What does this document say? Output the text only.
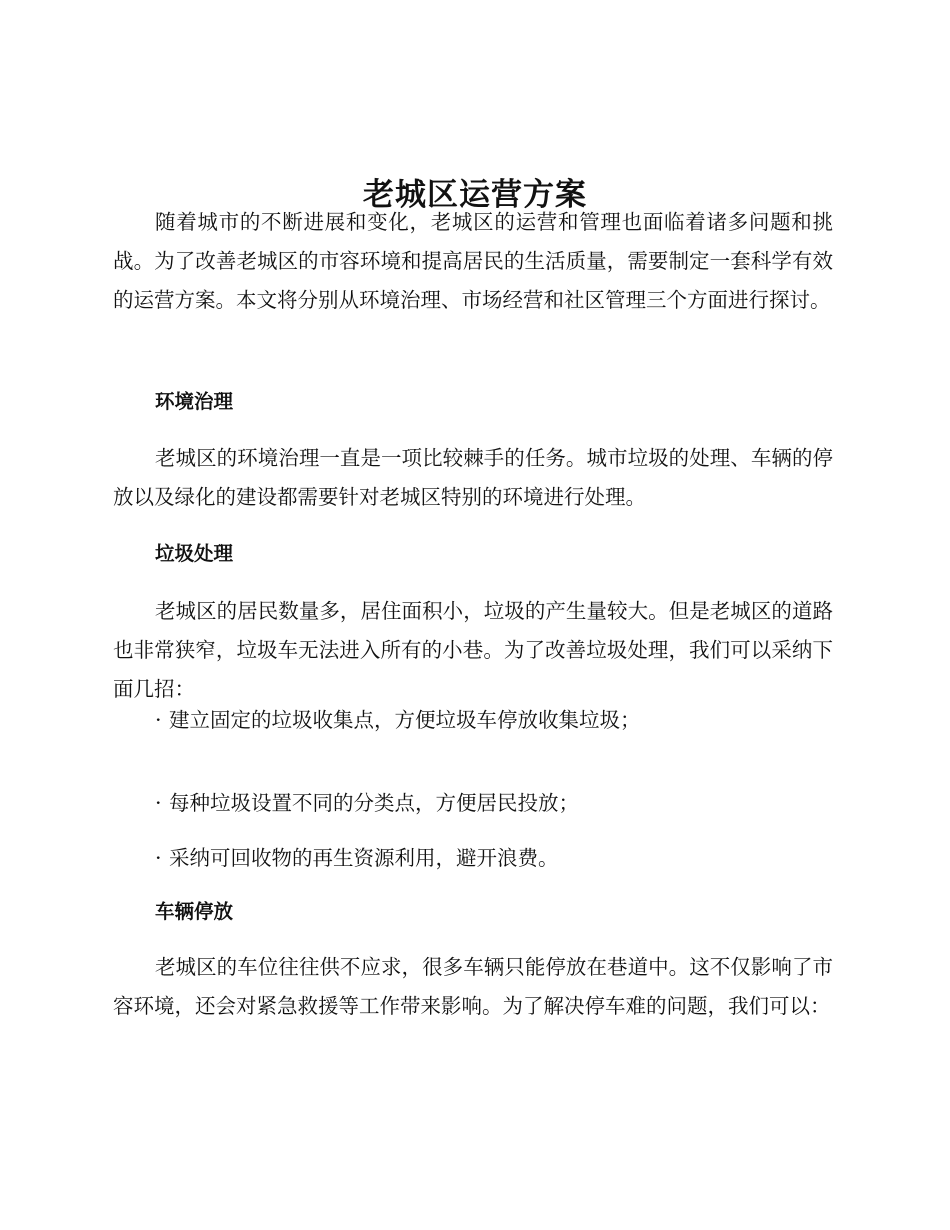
老城区运营方案

随着城市的不断进展和变化，老城区的运营和管理也面临着诸多问题和挑战。为了改善老城区的市容环境和提高居民的生活质量，需要制定一套科学有效的运营方案。本文将分别从环境治理、市场经营和社区管理三个方面进行探讨。

环境治理

老城区的环境治理一直是一项比较棘手的任务。城市垃圾的处理、车辆的停放以及绿化的建设都需要针对老城区特别的环境进行处理。

垃圾处理

老城区的居民数量多，居住面积小，垃圾的产生量较大。但是老城区的道路也非常狭窄，垃圾车无法进入所有的小巷。为了改善垃圾处理，我们可以采纳下面几招：

· 建立固定的垃圾收集点，方便垃圾车停放收集垃圾；

· 每种垃圾设置不同的分类点，方便居民投放；

· 采纳可回收物的再生资源利用，避开浪费。

车辆停放

老城区的车位往往供不应求，很多车辆只能停放在巷道中。这不仅影响了市容环境，还会对紧急救援等工作带来影响。为了解决停车难的问题，我们可以：
